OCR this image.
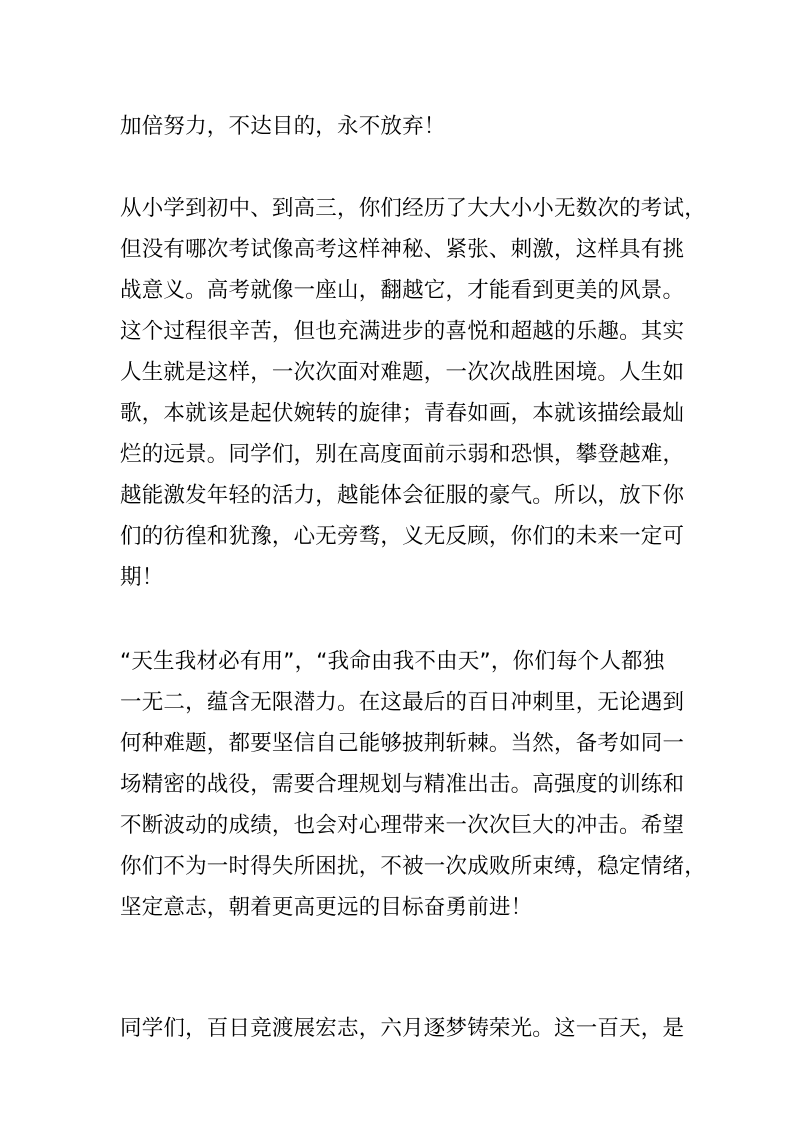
加倍努力，不达目的，永不放弃！
从小学到初中、到高三，你们经历了大大小小无数次的考试，
但没有哪次考试像高考这样神秘、紧张、刺激，这样具有挑
战意义。高考就像一座山，翻越它，才能看到更美的风景。
这个过程很辛苦，但也充满进步的喜悦和超越的乐趣。其实
人生就是这样，一次次面对难题，一次次战胜困境。人生如
歌，本就该是起伏婉转的旋律；青春如画，本就该描绘最灿
烂的远景。同学们，别在高度面前示弱和恐惧，攀登越难，
越能激发年轻的活力，越能体会征服的豪气。所以，放下你
们的彷徨和犹豫，心无旁骛，义无反顾，你们的未来一定可
期！
“天生我材必有用”，“我命由我不由天”，你们每个人都独
一无二，蕴含无限潜力。在这最后的百日冲刺里，无论遇到
何种难题，都要坚信自己能够披荆斩棘。当然，备考如同一
场精密的战役，需要合理规划与精准出击。高强度的训练和
不断波动的成绩，也会对心理带来一次次巨大的冲击。希望
你们不为一时得失所困扰，不被一次成败所束缚，稳定情绪，
坚定意志，朝着更高更远的目标奋勇前进！
同学们，百日竞渡展宏志，六月逐梦铸荣光。这一百天，是
